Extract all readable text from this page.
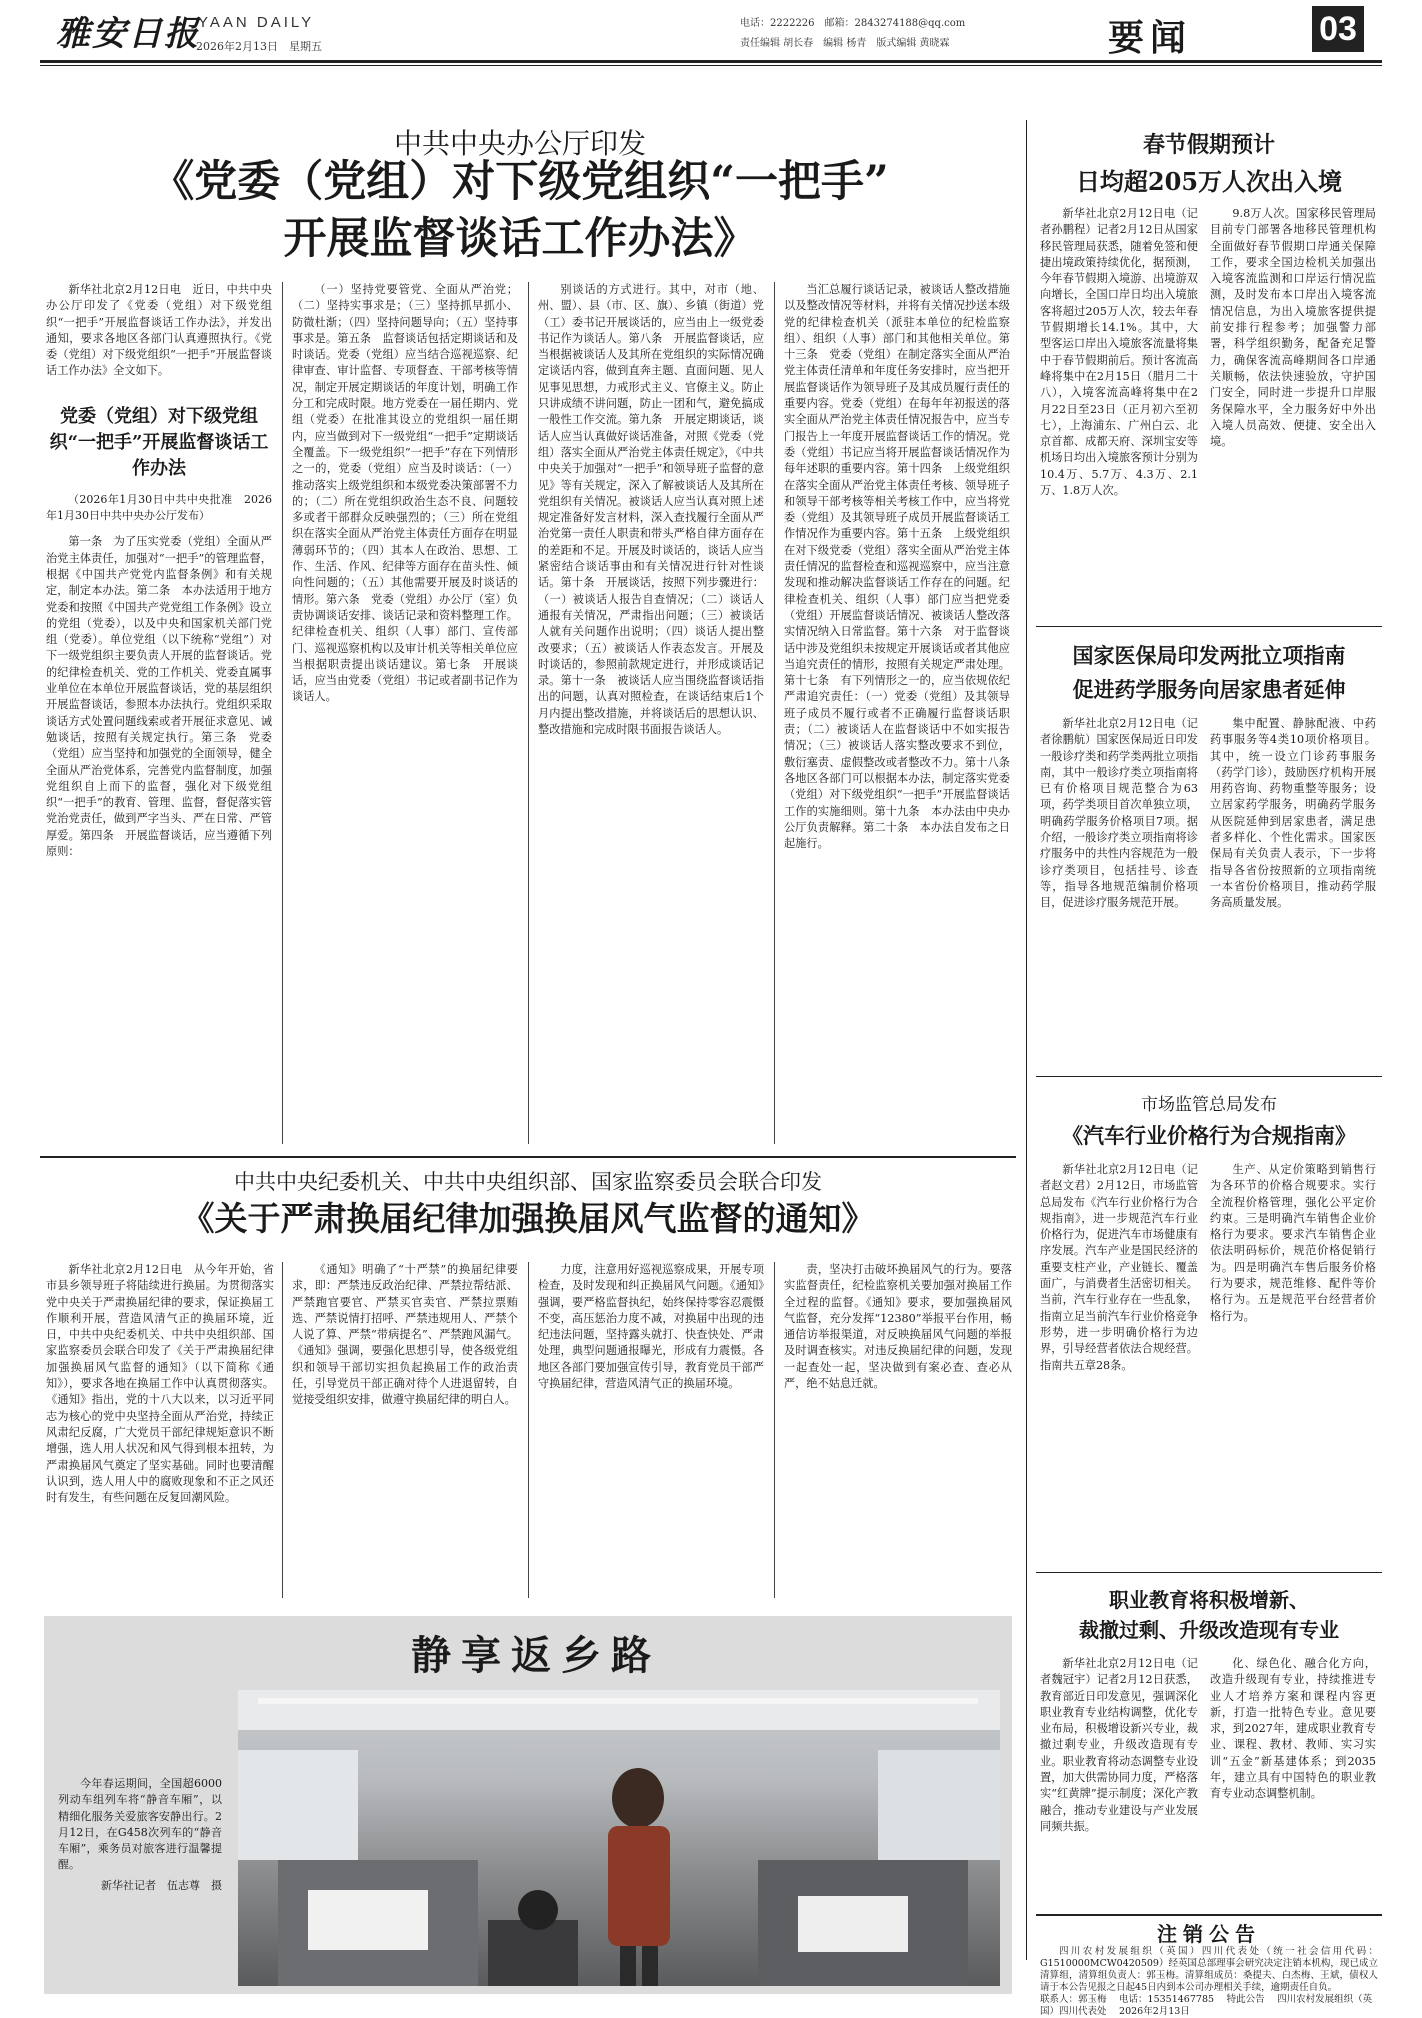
雅安日报
YAAN DAILY
2026年2月13日　星期五
电话：2222226　邮箱：2843274188@qq.com
责任编辑 胡长春　编辑 杨青　版式编辑 黄晓霖	要闻	03
中共中央办公厅印发
《党委（党组）对下级党组织“一把手”
开展监督谈话工作办法》

新华社北京2月12日电　近日，中共中央办公厅印发了《党委（党组）对下级党组织“一把手”开展监督谈话工作办法》，并发出通知，要求各地区各部门认真遵照执行。《党委（党组）对下级党组织“一把手”开展监督谈话工作办法》全文如下。

党委（党组）对下级党组织“一把手”开展监督谈话工作办法

（2026年1月30日中共中央批准　2026年1月30日中共中央办公厅发布）

第一条　为了压实党委（党组）全面从严治党主体责任，加强对“一把手”的管理监督，根据《中国共产党党内监督条例》和有关规定，制定本办法。第二条　本办法适用于地方党委和按照《中国共产党党组工作条例》设立的党组（党委），以及中央和国家机关部门党组（党委）。单位党组（以下统称“党组”）对下一级党组织主要负责人开展的监督谈话。党的纪律检查机关、党的工作机关、党委直属事业单位在本单位开展监督谈话，党的基层组织开展监督谈话，参照本办法执行。党组织采取谈话方式处置问题线索或者开展征求意见、诫勉谈话，按照有关规定执行。第三条　党委（党组）应当坚持和加强党的全面领导，健全全面从严治党体系，完善党内监督制度，加强党组织自上而下的监督，强化对下级党组织“一把手”的教育、管理、监督，督促落实管党治党责任，做到严字当头、严在日常、严管厚爱。第四条　开展监督谈话，应当遵循下列原则：

（一）坚持党要管党、全面从严治党；（二）坚持实事求是；（三）坚持抓早抓小、防微杜渐；（四）坚持问题导向；（五）坚持事事求是。第五条　监督谈话包括定期谈话和及时谈话。党委（党组）应当结合巡视巡察、纪律审查、审计监督、专项督查、干部考核等情况，制定开展定期谈话的年度计划，明确工作分工和完成时限。地方党委在一届任期内、党组（党委）在批准其设立的党组织一届任期内，应当做到对下一级党组“一把手”定期谈话全覆盖。下一级党组织“一把手”存在下列情形之一的，党委（党组）应当及时谈话：（一）推动落实上级党组织和本级党委决策部署不力的；（二）所在党组织政治生态不良、问题较多或者干部群众反映强烈的；（三）所在党组织在落实全面从严治党主体责任方面存在明显薄弱环节的；（四）其本人在政治、思想、工作、生活、作风、纪律等方面存在苗头性、倾向性问题的；（五）其他需要开展及时谈话的情形。第六条　党委（党组）办公厅（室）负责协调谈话安排、谈话记录和资料整理工作。纪律检查机关、组织（人事）部门、宣传部门、巡视巡察机构以及审计机关等相关单位应当根据职责提出谈话建议。第七条　开展谈话，应当由党委（党组）书记或者副书记作为谈话人。

别谈话的方式进行。其中，对市（地、州、盟）、县（市、区、旗）、乡镇（街道）党（工）委书记开展谈话的，应当由上一级党委书记作为谈话人。第八条　开展监督谈话，应当根据被谈话人及其所在党组织的实际情况确定谈话内容，做到直奔主题、直面问题、见人见事见思想，力戒形式主义、官僚主义。防止只讲成绩不讲问题，防止一团和气，避免搞成一般性工作交流。第九条　开展定期谈话，谈话人应当认真做好谈话准备，对照《党委（党组）落实全面从严治党主体责任规定》，《中共中央关于加强对“一把手”和领导班子监督的意见》等有关规定，深入了解被谈话人及其所在党组织有关情况。被谈话人应当认真对照上述规定准备好发言材料，深入查找履行全面从严治党第一责任人职责和带头严格自律方面存在的差距和不足。开展及时谈话的，谈话人应当紧密结合谈话事由和有关情况进行针对性谈话。第十条　开展谈话，按照下列步骤进行：（一）被谈话人报告自查情况；（二）谈话人通报有关情况，严肃指出问题；（三）被谈话人就有关问题作出说明；（四）谈话人提出整改要求；（五）被谈话人作表态发言。开展及时谈话的，参照前款规定进行，并形成谈话记录。第十一条　被谈话人应当围绕监督谈话指出的问题，认真对照检查，在谈话结束后1个月内提出整改措施，并将谈话后的思想认识、整改措施和完成时限书面报告谈话人。

当汇总履行谈话记录，被谈话人整改措施以及整改情况等材料，并将有关情况抄送本级党的纪律检查机关（派驻本单位的纪检监察组）、组织（人事）部门和其他相关单位。第十三条　党委（党组）在制定落实全面从严治党主体责任清单和年度任务安排时，应当把开展监督谈话作为领导班子及其成员履行责任的重要内容。党委（党组）在每年年初报送的落实全面从严治党主体责任情况报告中，应当专门报告上一年度开展监督谈话工作的情况。党委（党组）书记应当将开展监督谈话情况作为每年述职的重要内容。第十四条　上级党组织在落实全面从严治党主体责任考核、领导班子和领导干部考核等相关考核工作中，应当将党委（党组）及其领导班子成员开展监督谈话工作情况作为重要内容。第十五条　上级党组织在对下级党委（党组）落实全面从严治党主体责任情况的监督检查和巡视巡察中，应当注意发现和推动解决监督谈话工作存在的问题。纪律检查机关、组织（人事）部门应当把党委（党组）开展监督谈话情况、被谈话人整改落实情况纳入日常监督。第十六条　对于监督谈话中涉及党组织未按规定开展谈话或者其他应当追究责任的情形，按照有关规定严肃处理。第十七条　有下列情形之一的，应当依规依纪严肃追究责任：（一）党委（党组）及其领导班子成员不履行或者不正确履行监督谈话职责；（二）被谈话人在监督谈话中不如实报告情况；（三）被谈话人落实整改要求不到位，敷衍塞责、虚假整改或者整改不力。第十八条　各地区各部门可以根据本办法，制定落实党委（党组）对下级党组织“一把手”开展监督谈话工作的实施细则。第十九条　本办法由中央办公厅负责解释。第二十条　本办法自发布之日起施行。

春节假期预计
日均超205万人次出入境

新华社北京2月12日电（记者孙鹏程）记者2月12日从国家移民管理局获悉，随着免签和便捷出境政策持续优化，据预测，今年春节假期入境游、出境游双向增长，全国口岸日均出入境旅客将超过205万人次，较去年春节假期增长14.1%。其中，大型客运口岸出入境旅客流量将集中于春节假期前后。预计客流高峰将集中在2月15日（腊月二十八），入境客流高峰将集中在2月22日至23日（正月初六至初七），上海浦东、广州白云、北京首都、成都天府、深圳宝安等机场日均出入境旅客预计分别为10.4万、5.7万、4.3万、2.1万、1.8万人次。

9.8万人次。国家移民管理局目前专门部署各地移民管理机构全面做好春节假期口岸通关保障工作，要求全国边检机关加强出入境客流监测和口岸运行情况监测，及时发布本口岸出入境客流情况信息，为出入境旅客提供提前安排行程参考；加强警力部署，科学组织勤务，配备充足警力，确保客流高峰期间各口岸通关顺畅，依法快速验放，守护国门安全，同时进一步提升口岸服务保障水平，全力服务好中外出入境人员高效、便捷、安全出入境。

国家医保局印发两批立项指南
促进药学服务向居家患者延伸

新华社北京2月12日电（记者徐鹏航）国家医保局近日印发一般诊疗类和药学类两批立项指南，其中一般诊疗类立项指南将已有价格项目规范整合为63项，药学类项目首次单独立项，明确药学服务价格项目7项。据介绍，一般诊疗类立项指南将诊疗服务中的共性内容规范为一般诊疗类项目，包括挂号、诊查等，指导各地规范编制价格项目，促进诊疗服务规范开展。

集中配置、静脉配液、中药药事服务等4类10项价格项目。其中，统一设立门诊药事服务（药学门诊），鼓励医疗机构开展用药咨询、药物重整等服务；设立居家药学服务，明确药学服务从医院延伸到居家患者，满足患者多样化、个性化需求。国家医保局有关负责人表示，下一步将指导各省份按照新的立项指南统一本省份价格项目，推动药学服务高质量发展。

中共中央纪委机关、中共中央组织部、国家监察委员会联合印发
《关于严肃换届纪律加强换届风气监督的通知》

新华社北京2月12日电　从今年开始，省市县乡领导班子将陆续进行换届。为贯彻落实党中央关于严肃换届纪律的要求，保证换届工作顺利开展，营造风清气正的换届环境，近日，中共中央纪委机关、中共中央组织部、国家监察委员会联合印发了《关于严肃换届纪律加强换届风气监督的通知》（以下简称《通知》），要求各地在换届工作中认真贯彻落实。《通知》指出，党的十八大以来，以习近平同志为核心的党中央坚持全面从严治党，持续正风肃纪反腐，广大党员干部纪律规矩意识不断增强，选人用人状况和风气得到根本扭转，为严肃换届风气奠定了坚实基础。同时也要清醒认识到，选人用人中的腐败现象和不正之风还时有发生，有些问题在反复回潮风险。

《通知》明确了“十严禁”的换届纪律要求，即：严禁违反政治纪律、严禁拉帮结派、严禁跑官要官、严禁买官卖官、严禁拉票贿选、严禁说情打招呼、严禁违规用人、严禁个人说了算、严禁“带病提名”、严禁跑风漏气。《通知》强调，要强化思想引导，使各级党组织和领导干部切实担负起换届工作的政治责任，引导党员干部正确对待个人进退留转，自觉接受组织安排，做遵守换届纪律的明白人。

力度，注意用好巡视巡察成果，开展专项检查，及时发现和纠正换届风气问题。《通知》强调，要严格监督执纪，始终保持零容忍震慑不变，高压惩治力度不减，对换届中出现的违纪违法问题，坚持露头就打、快查快处、严肃处理，典型问题通报曝光，形成有力震慑。各地区各部门要加强宣传引导，教育党员干部严守换届纪律，营造风清气正的换届环境。

责，坚决打击破坏换届风气的行为。要落实监督责任，纪检监察机关要加强对换届工作全过程的监督。《通知》要求，要加强换届风气监督，充分发挥“12380”举报平台作用，畅通信访举报渠道，对反映换届风气问题的举报及时调查核实。对违反换届纪律的问题，发现一起查处一起，坚决做到有案必查、查必从严，绝不姑息迁就。

市场监管总局发布
《汽车行业价格行为合规指南》

新华社北京2月12日电（记者赵文君）2月12日，市场监管总局发布《汽车行业价格行为合规指南》，进一步规范汽车行业价格行为，促进汽车市场健康有序发展。汽车产业是国民经济的重要支柱产业，产业链长、覆盖面广，与消费者生活密切相关。当前，汽车行业存在一些乱象，指南立足当前汽车行业价格竞争形势，进一步明确价格行为边界，引导经营者依法合规经营。指南共五章28条。

生产、从定价策略到销售行为各环节的价格合规要求。实行全流程价格管理，强化公平定价约束。三是明确汽车销售企业价格行为要求。要求汽车销售企业依法明码标价，规范价格促销行为。四是明确汽车售后服务价格行为要求，规范维修、配件等价格行为。五是规范平台经营者价格行为。

静享返乡路

今年春运期间，全国超6000列动车组列车将“静音车厢”，以精细化服务关爱旅客安静出行。2月12日，在G458次列车的“静音车厢”，乘务员对旅客进行温馨提醒。

新华社记者　伍志尊　摄

职业教育将积极增新、
裁撤过剩、升级改造现有专业

新华社北京2月12日电（记者魏冠宇）记者2月12日获悉，教育部近日印发意见，强调深化职业教育专业结构调整，优化专业布局，积极增设新兴专业，裁撤过剩专业，升级改造现有专业。职业教育将动态调整专业设置，加大供需协同力度，严格落实“红黄牌”提示制度；深化产教融合，推动专业建设与产业发展同频共振。

化、绿色化、融合化方向，改造升级现有专业，持续推进专业人才培养方案和课程内容更新，打造一批特色专业。意见要求，到2027年，建成职业教育专业、课程、教材、教师、实习实训“五金”新基建体系；到2035年，建立具有中国特色的职业教育专业动态调整机制。

注销公告

四川农村发展组织（英国）四川代表处（统一社会信用代码：G1510000MCW0420509）经英国总部理事会研究决定注销本机构，现已成立清算组，清算组负责人：郭玉梅。清算组成员：桑提夫、白杰梅、王斌，债权人请于本公告见报之日起45日内到本公司办理相关手续，逾期责任自负。

联系人：郭玉梅　 电话：15351467785　 特此公告　 四川农村发展组织（英国）四川代表处　 2026年2月13日
